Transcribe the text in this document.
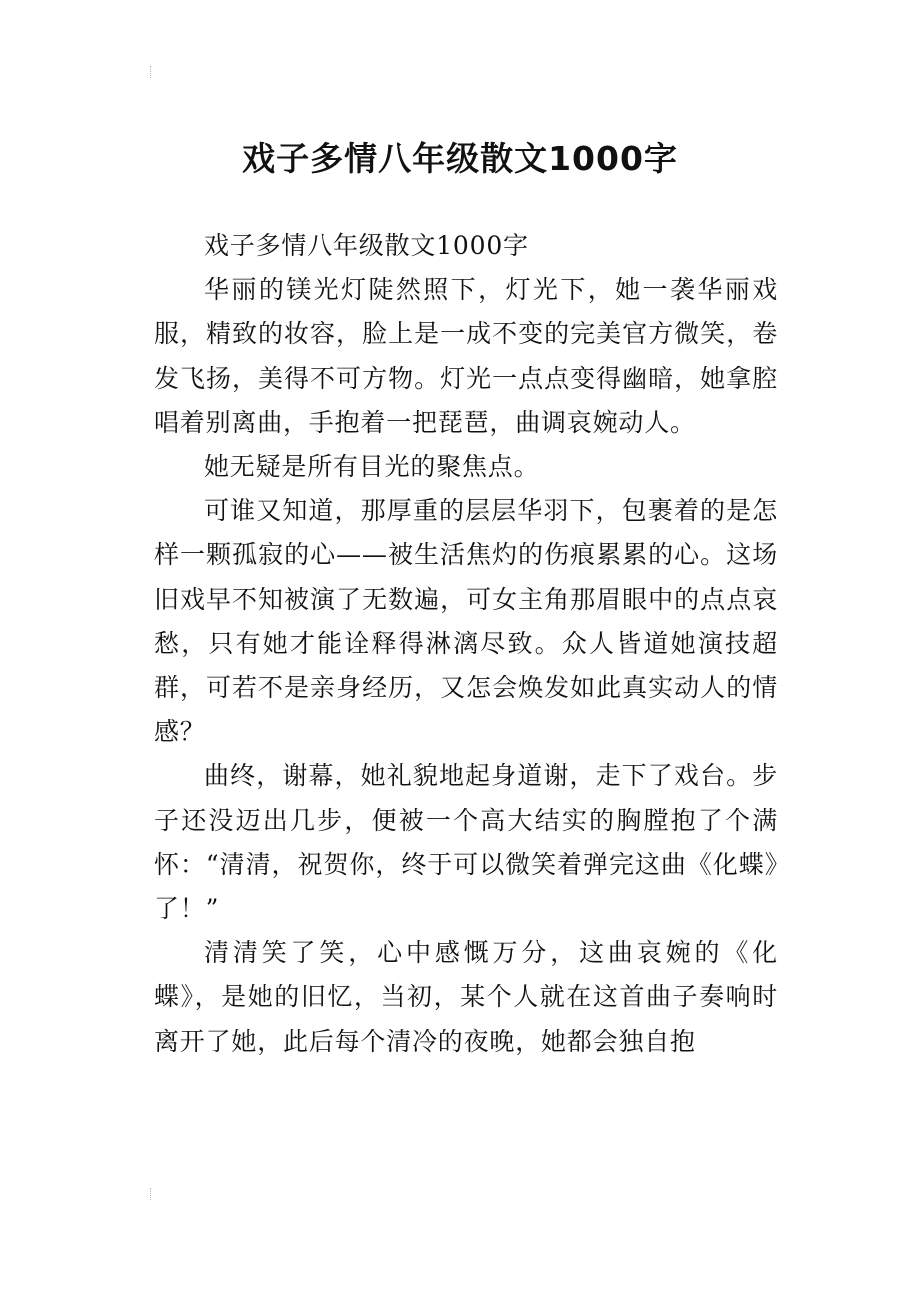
戏子多情八年级散文1000字

戏子多情八年级散文1000字

华丽的镁光灯陡然照下，灯光下，她一袭华丽戏服，精致的妆容，脸上是一成不变的完美官方微笑，卷发飞扬，美得不可方物。灯光一点点变得幽暗，她拿腔唱着别离曲，手抱着一把琵琶，曲调哀婉动人。

她无疑是所有目光的聚焦点。

可谁又知道，那厚重的层层华羽下，包裹着的是怎样一颗孤寂的心——被生活焦灼的伤痕累累的心。这场旧戏早不知被演了无数遍，可女主角那眉眼中的点点哀愁，只有她才能诠释得淋漓尽致。众人皆道她演技超群，可若不是亲身经历，又怎会焕发如此真实动人的情感？

曲终，谢幕，她礼貌地起身道谢，走下了戏台。步子还没迈出几步，便被一个高大结实的胸膛抱了个满怀：“清清，祝贺你，终于可以微笑着弹完这曲《化蝶》了！”

清清笑了笑，心中感慨万分，这曲哀婉的《化蝶》，是她的旧忆，当初，某个人就在这首曲子奏响时离开了她，此后每个清冷的夜晚，她都会独自抱
